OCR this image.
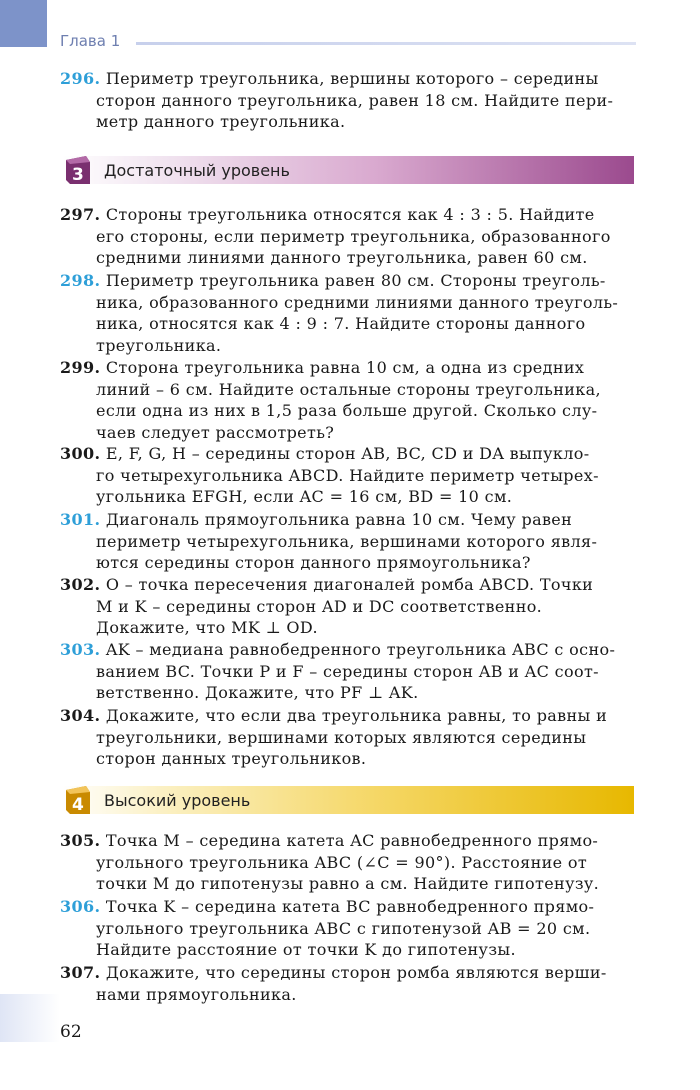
Глава 1
296. Периметр треугольника, вершины которого – середины
сторон данного треугольника, равен 18 см. Найдите пери-
метр данного треугольника.
3 Достаточный уровень
297. Стороны треугольника относятся как 4 : 3 : 5. Найдите
его стороны, если периметр треугольника, образованного
средними линиями данного треугольника, равен 60 см.
298. Периметр треугольника равен 80 см. Стороны треуголь-
ника, образованного средними линиями данного треуголь-
ника, относятся как 4 : 9 : 7. Найдите стороны данного
треугольника.
299. Сторона треугольника равна 10 см, а одна из средних
линий – 6 см. Найдите остальные стороны треугольника,
если одна из них в 1,5 раза больше другой. Сколько слу-
чаев следует рассмотреть?
300. E, F, G, H – середины сторон AB, BC, CD и DA выпукло-
го четырехугольника ABCD. Найдите периметр четырех-
угольника EFGH, если AC = 16 см, BD = 10 см.
301. Диагональ прямоугольника равна 10 см. Чему равен
периметр четырехугольника, вершинами которого явля-
ются середины сторон данного прямоугольника?
302. O – точка пересечения диагоналей ромба ABCD. Точки
M и K – середины сторон AD и DC соответственно.
Докажите, что MK ⊥ OD.
303. AK – медиана равнобедренного треугольника ABC с осно-
ванием BC. Точки P и F – середины сторон AB и AC соот-
ветственно. Докажите, что PF ⊥ AK.
304. Докажите, что если два треугольника равны, то равны и
треугольники, вершинами которых являются середины
сторон данных треугольников.
4 Высокий уровень
305. Точка M – середина катета AC равнобедренного прямо-
угольного треугольника ABC (∠C = 90°). Расстояние от
точки M до гипотенузы равно a см. Найдите гипотенузу.
306. Точка K – середина катета BC равнобедренного прямо-
угольного треугольника ABC с гипотенузой AB = 20 см.
Найдите расстояние от точки K до гипотенузы.
307. Докажите, что середины сторон ромба являются верши-
нами прямоугольника.
62
